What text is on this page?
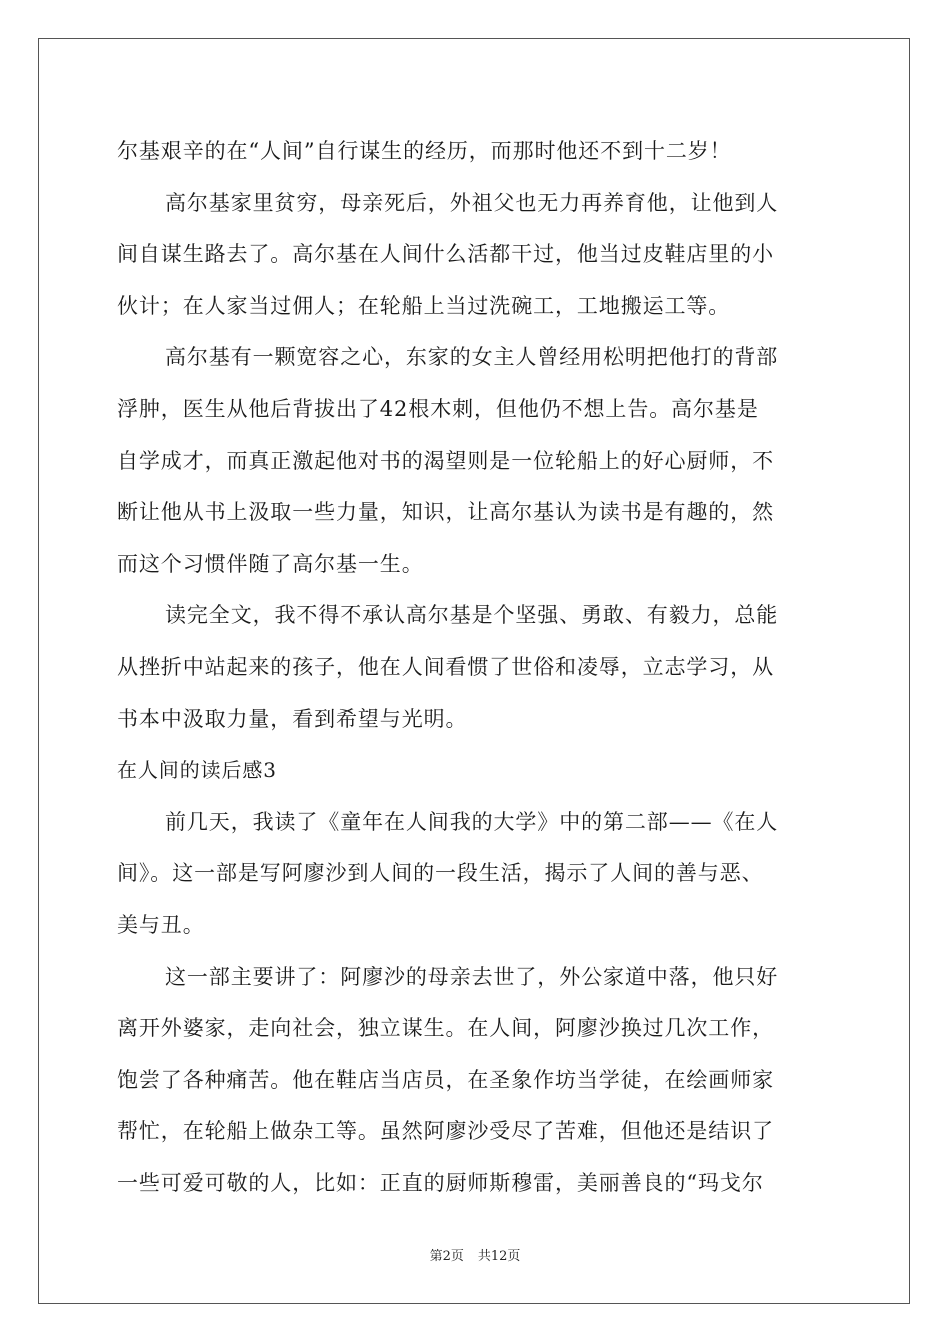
尔基艰辛的在“人间”自行谋生的经历，而那时他还不到十二岁！
高尔基家里贫穷，母亲死后，外祖父也无力再养育他，让他到人
间自谋生路去了。高尔基在人间什么活都干过，他当过皮鞋店里的小
伙计；在人家当过佣人；在轮船上当过洗碗工，工地搬运工等。
高尔基有一颗宽容之心，东家的女主人曾经用松明把他打的背部
浮肿，医生从他后背拔出了42根木刺，但他仍不想上告。高尔基是
自学成才，而真正激起他对书的渴望则是一位轮船上的好心厨师，不
断让他从书上汲取一些力量，知识，让高尔基认为读书是有趣的，然
而这个习惯伴随了高尔基一生。
读完全文，我不得不承认高尔基是个坚强、勇敢、有毅力，总能
从挫折中站起来的孩子，他在人间看惯了世俗和凌辱，立志学习，从
书本中汲取力量，看到希望与光明。
在人间的读后感3
前几天，我读了《童年在人间我的大学》中的第二部——《在人
间》。这一部是写阿廖沙到人间的一段生活，揭示了人间的善与恶、
美与丑。
这一部主要讲了：阿廖沙的母亲去世了，外公家道中落，他只好
离开外婆家，走向社会，独立谋生。在人间，阿廖沙换过几次工作，
饱尝了各种痛苦。他在鞋店当店员，在圣象作坊当学徒，在绘画师家
帮忙，在轮船上做杂工等。虽然阿廖沙受尽了苦难，但他还是结识了
一些可爱可敬的人，比如：正直的厨师斯穆雷，美丽善良的“玛戈尔
第2页 共12页
